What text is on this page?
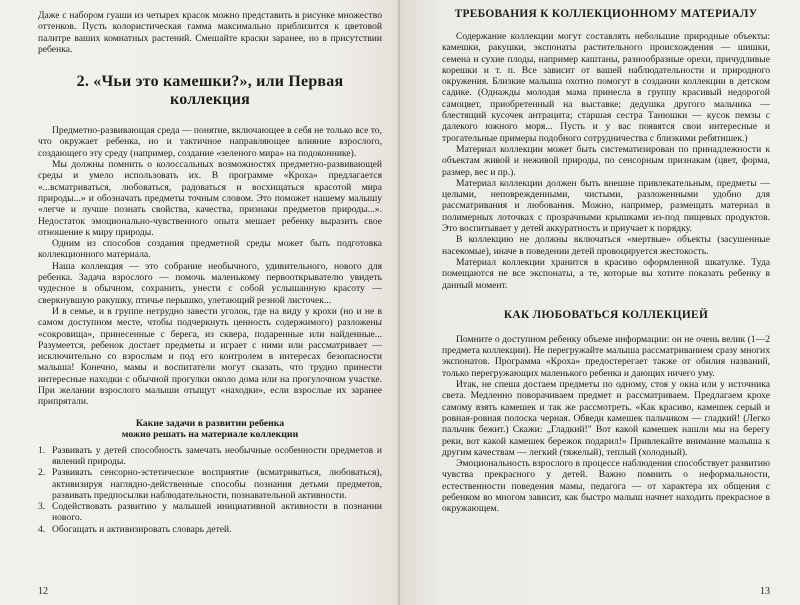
Даже с набором гуаши из четырех красок можно представить в рисунке множество оттенков. Пусть колористическая гамма максимально приблизится к цветовой палитре ваших комнатных растений. Смешайте краски заранее, но в присутствии ребенка.

2. «Чьи это камешки?», или Первая коллекция

Предметно-развивающая среда — понятие, включающее в себя не только все то, что окружает ребенка, но и тактичное направляющее влияние взрослого, создающего эту среду (например, создание «зеленого мира» на подоконнике).

Мы должны помнить о колоссальных возможностях предметно-развивающей среды и умело использовать их. В программе «Кроха» предлагается «...всматриваться, любоваться, радоваться и восхищаться красотой мира природы...» и обозначать предметы точным словом. Это поможет нашему малышу «легче и лучше познать свойства, качества, признаки предметов природы...». Недостаток эмоционально-чувственного опыта мешает ребенку выразить свое отношение к миру природы.

Одним из способов создания предметной среды может быть подготовка коллекционного материала.

Наша коллекция — это собрание необычного, удивительного, нового для ребенка. Задача взрослого — помочь маленькому первооткрывателю увидеть чудесное в обычном, сохранить, унести с собой услышанную красоту — сверкнувшую ракушку, птичье перышко, улетающий резной листочек...

И в семье, и в группе нетрудно завести уголок, где на виду у крохи (но и не в самом доступном месте, чтобы подчеркнуть ценность содержимого) разложены «сокровища», принесенные с берега, из сквера, подаренные или найденные... Разумеется, ребенок достает предметы и играет с ними или рассматривает — исключительно со взрослым и под его контролем в интересах безопасности малыша! Конечно, мамы и воспитатели могут сказать, что трудно принести интересные находки с обычной прогулки около дома или на прогулочном участке. При желании взрослого малыши отыщут «находки», если взрослые их заранее припрятали.

Какие задачи в развитии ребенка
можно решать на материале коллекции
1. Развивать у детей способность замечать необычные особенности предметов и явлений природы.
2. Развивать сенсорно-эстетическое восприятие (всматриваться, любоваться), активизируя наглядно-действенные способы познания детьми предметов, развивать предпосылки наблюдательности, познавательной активности.
3. Содействовать развитию у малышей инициативной активности в познании нового.
4. Обогащать и активизировать словарь детей.
12
ТРЕБОВАНИЯ К КОЛЛЕКЦИОННОМУ МАТЕРИАЛУ

Содержание коллекции могут составлять небольшие природные объекты: камешки, ракушки, экспонаты растительного происхождения — шишки, семена и сухие плоды, например каштаны, разнообразные орехи, причудливые корешки и т. п. Все зависит от вашей наблюдательности и природного окружения. Близкие малыша охотно помогут в создании коллекции в детском садике. (Однажды молодая мама принесла в группу красивый недорогой самоцвет, приобретенный на выставке; дедушка другого мальчика — блестящий кусочек антрацита; старшая сестра Танюшки — кусок пемзы с далекого южного моря... Пусть и у вас появятся свои интересные и трогательные примеры подобного сотрудничества с близкими ребятишек.)

Материал коллекции может быть систематизирован по принадлежности к объектам живой и неживой природы, по сенсорным признакам (цвет, форма, размер, вес и пр.).

Материал коллекции должен быть внешне привлекательным, предметы — целыми, неповрежденными, чистыми, разложенными удобно для рассматривания и любования. Можно, например, размещать материал в полимерных лоточках с прозрачными крышками из-под пищевых продуктов. Это воспитывает у детей аккуратность и приучает к порядку.

В коллекцию не должны включаться «мертвые» объекты (засушенные насекомые), иначе в поведении детей провоцируется жестокость.

Материал коллекции хранится в красиво оформленной шкатулке. Туда помещаются не все экспонаты, а те, которые вы хотите показать ребенку в данный момент.

КАК ЛЮБОВАТЬСЯ КОЛЛЕКЦИЕЙ

Помните о доступном ребенку объеме информации: он не очень велик (1—2 предмета коллекции). Не перегружайте малыша рассматриванием сразу многих экспонатов. Программа «Кроха» предостерегает также от обилия названий, только перегружающих маленького ребенка и дающих ничего уму.

Итак, не спеша достаем предметы по одному, стоя у окна или у источника света. Медленно поворачиваем предмет и рассматриваем. Предлагаем крохе самому взять камешек и так же рассмотреть. «Как красиво, камешек серый и ровная-ровная полоска черная. Обведи камешек пальчиком — гладкий! (Легко пальчик бежит.) Скажи: „Гладкий!" Вот какой камешек нашли мы на берегу реки, вот какой камешек бережок подарил!» Привлекайте внимание малыша к другим качествам — легкий (тяжелый), теплый (холодный).

Эмоциональность взрослого в процессе наблюдения способствует развитию чувства прекрасного у детей. Важно помнить о неформальности, естественности поведения мамы, педагога — от характера их общения с ребенком во многом зависит, как быстро малыш начнет находить прекрасное в окружающем.

13
